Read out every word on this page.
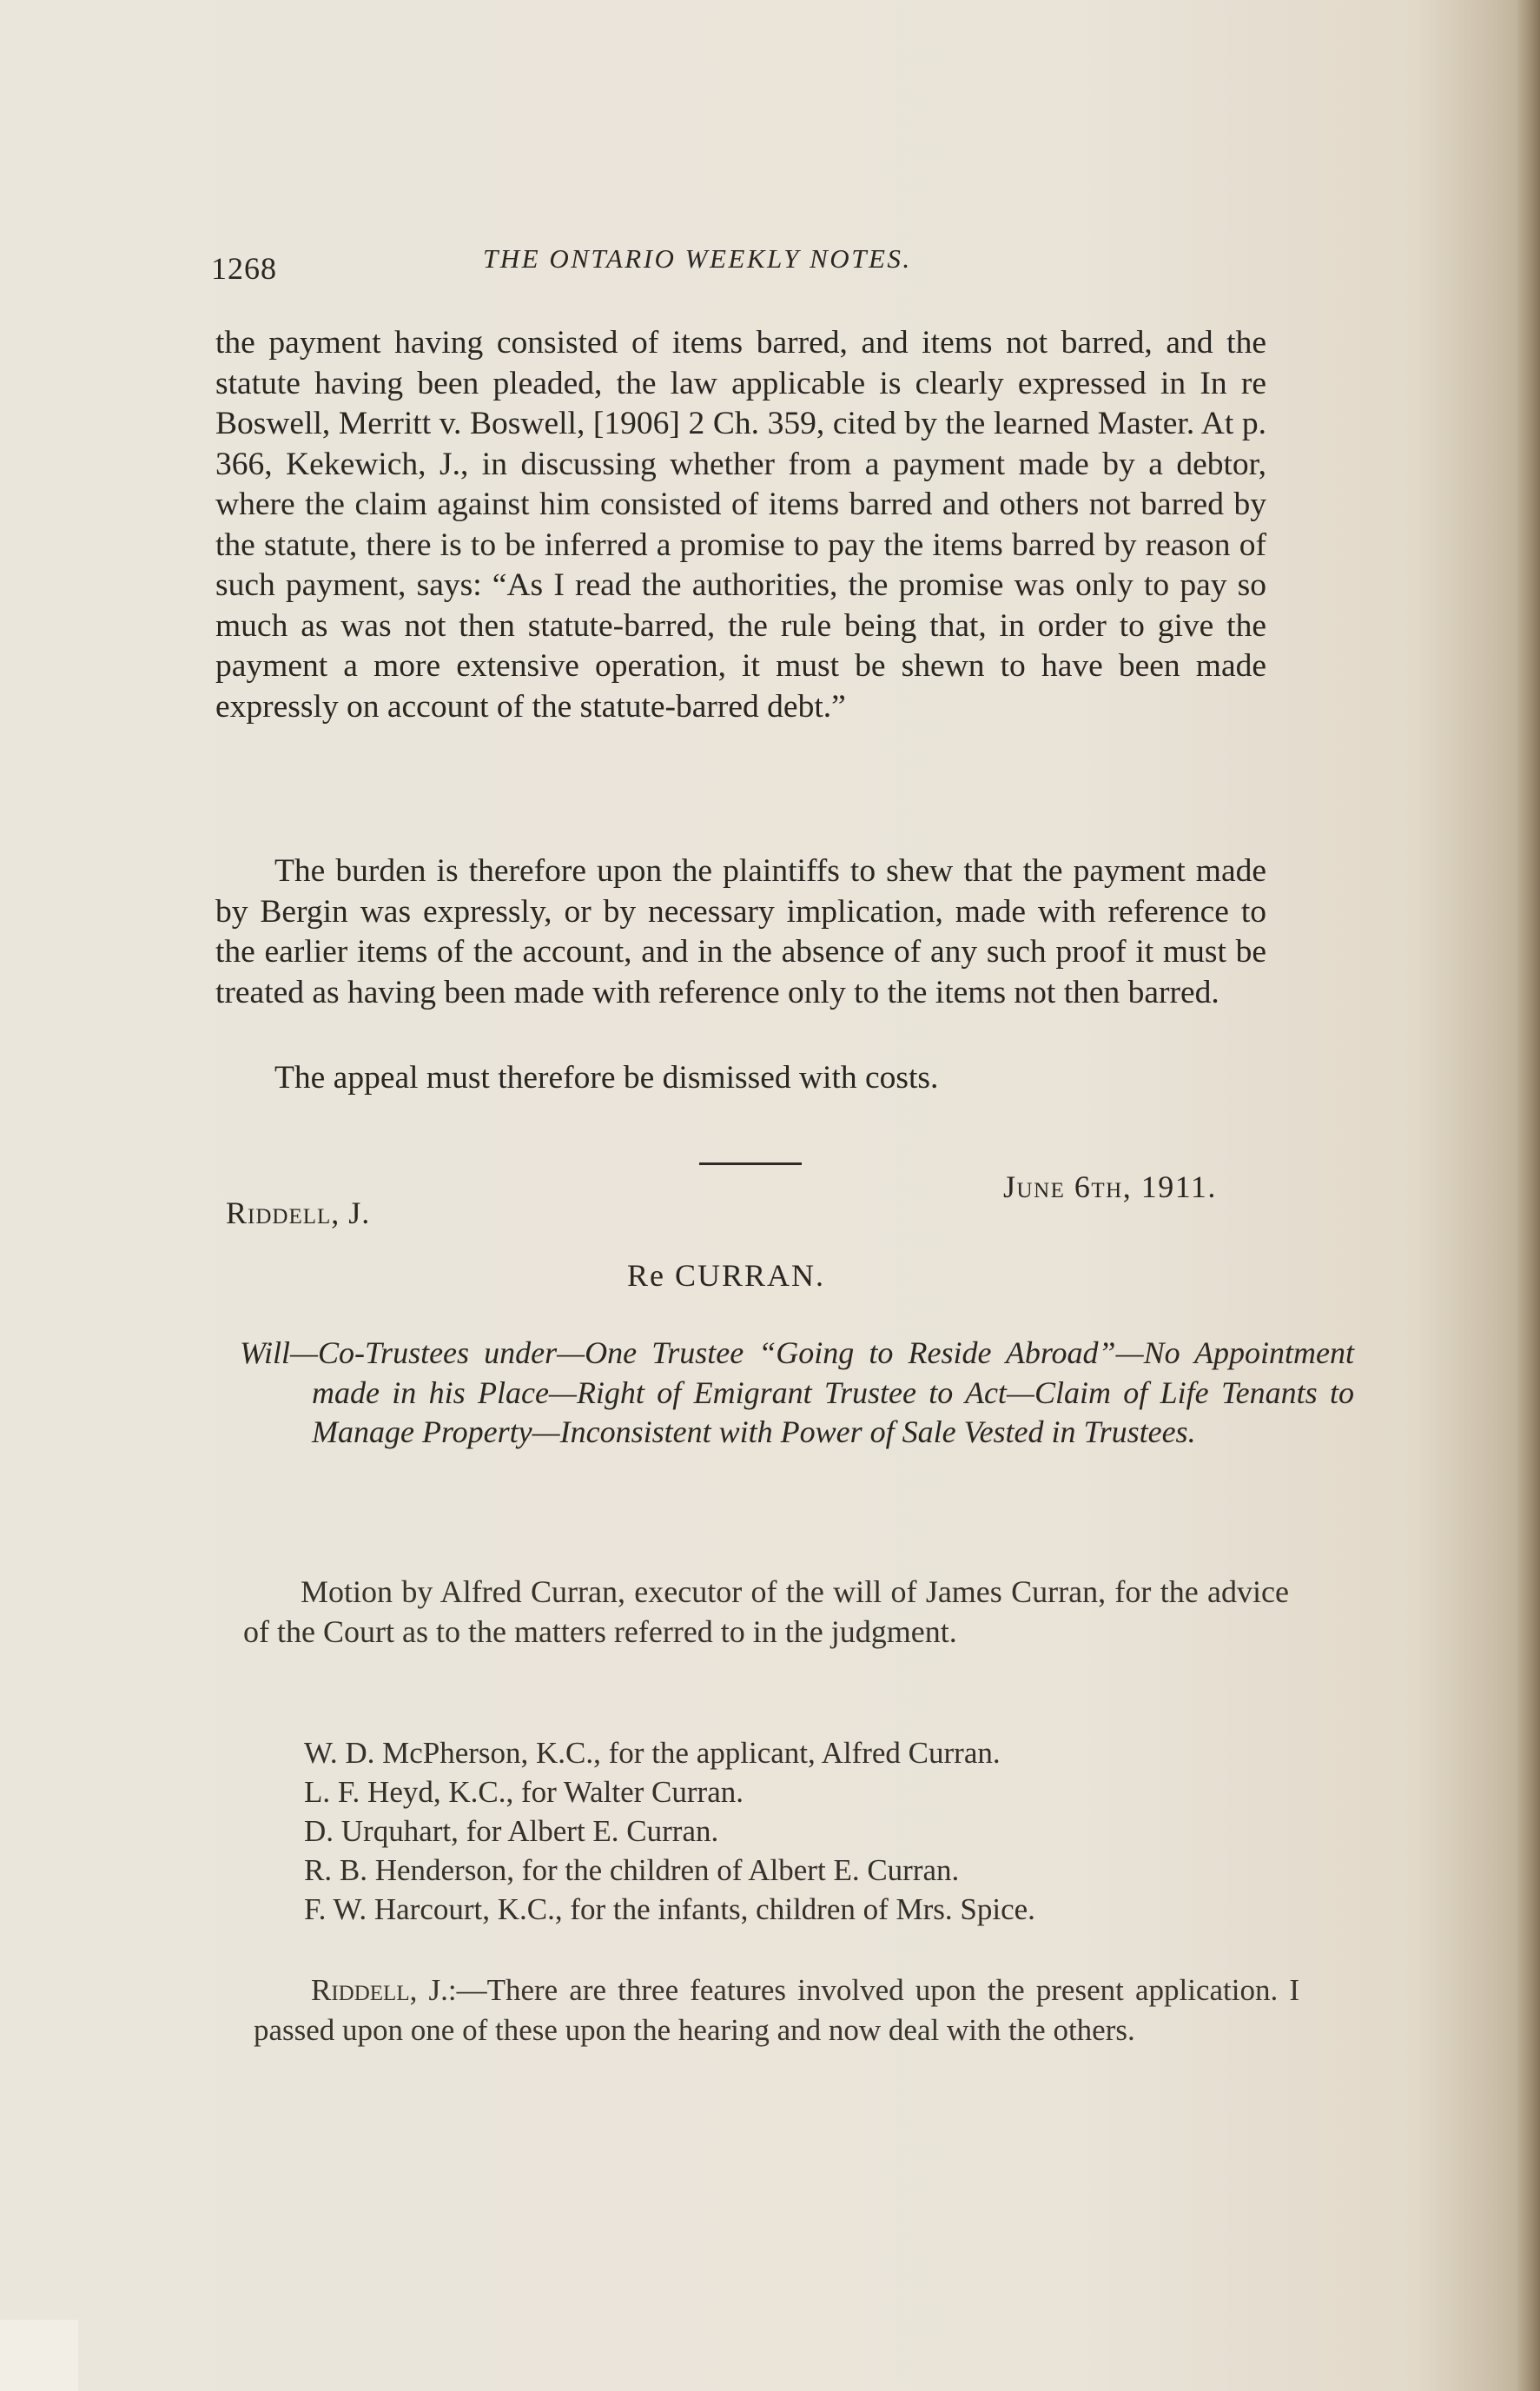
1268	THE ONTARIO WEEKLY NOTES.
the payment having consisted of items barred, and items not barred, and the statute having been pleaded, the law applicable is clearly expressed in In re Boswell, Merritt v. Boswell, [1906] 2 Ch. 359, cited by the learned Master. At p. 366, Kekewich, J., in discussing whether from a payment made by a debtor, where the claim against him consisted of items barred and others not barred by the statute, there is to be inferred a promise to pay the items barred by reason of such payment, says: “As I read the authorities, the promise was only to pay so much as was not then statute-barred, the rule being that, in order to give the payment a more extensive operation, it must be shewn to have been made expressly on account of the statute-barred debt.”
The burden is therefore upon the plaintiffs to shew that the payment made by Bergin was expressly, or by necessary implication, made with reference to the earlier items of the account, and in the absence of any such proof it must be treated as having been made with reference only to the items not then barred.
The appeal must therefore be dismissed with costs.
Riddell, J.
June 6th, 1911.
Re CURRAN.
Will—Co-Trustees under—One Trustee “Going to Reside Abroad”—No Appointment made in his Place—Right of Emigrant Trustee to Act—Claim of Life Tenants to Manage Property—Inconsistent with Power of Sale Vested in Trustees.
Motion by Alfred Curran, executor of the will of James Curran, for the advice of the Court as to the matters referred to in the judgment.
W. D. McPherson, K.C., for the applicant, Alfred Curran.
L. F. Heyd, K.C., for Walter Curran.
D. Urquhart, for Albert E. Curran.
R. B. Henderson, for the children of Albert E. Curran.
F. W. Harcourt, K.C., for the infants, children of Mrs. Spice.
Riddell, J.:—There are three features involved upon the present application. I passed upon one of these upon the hearing and now deal with the others.
